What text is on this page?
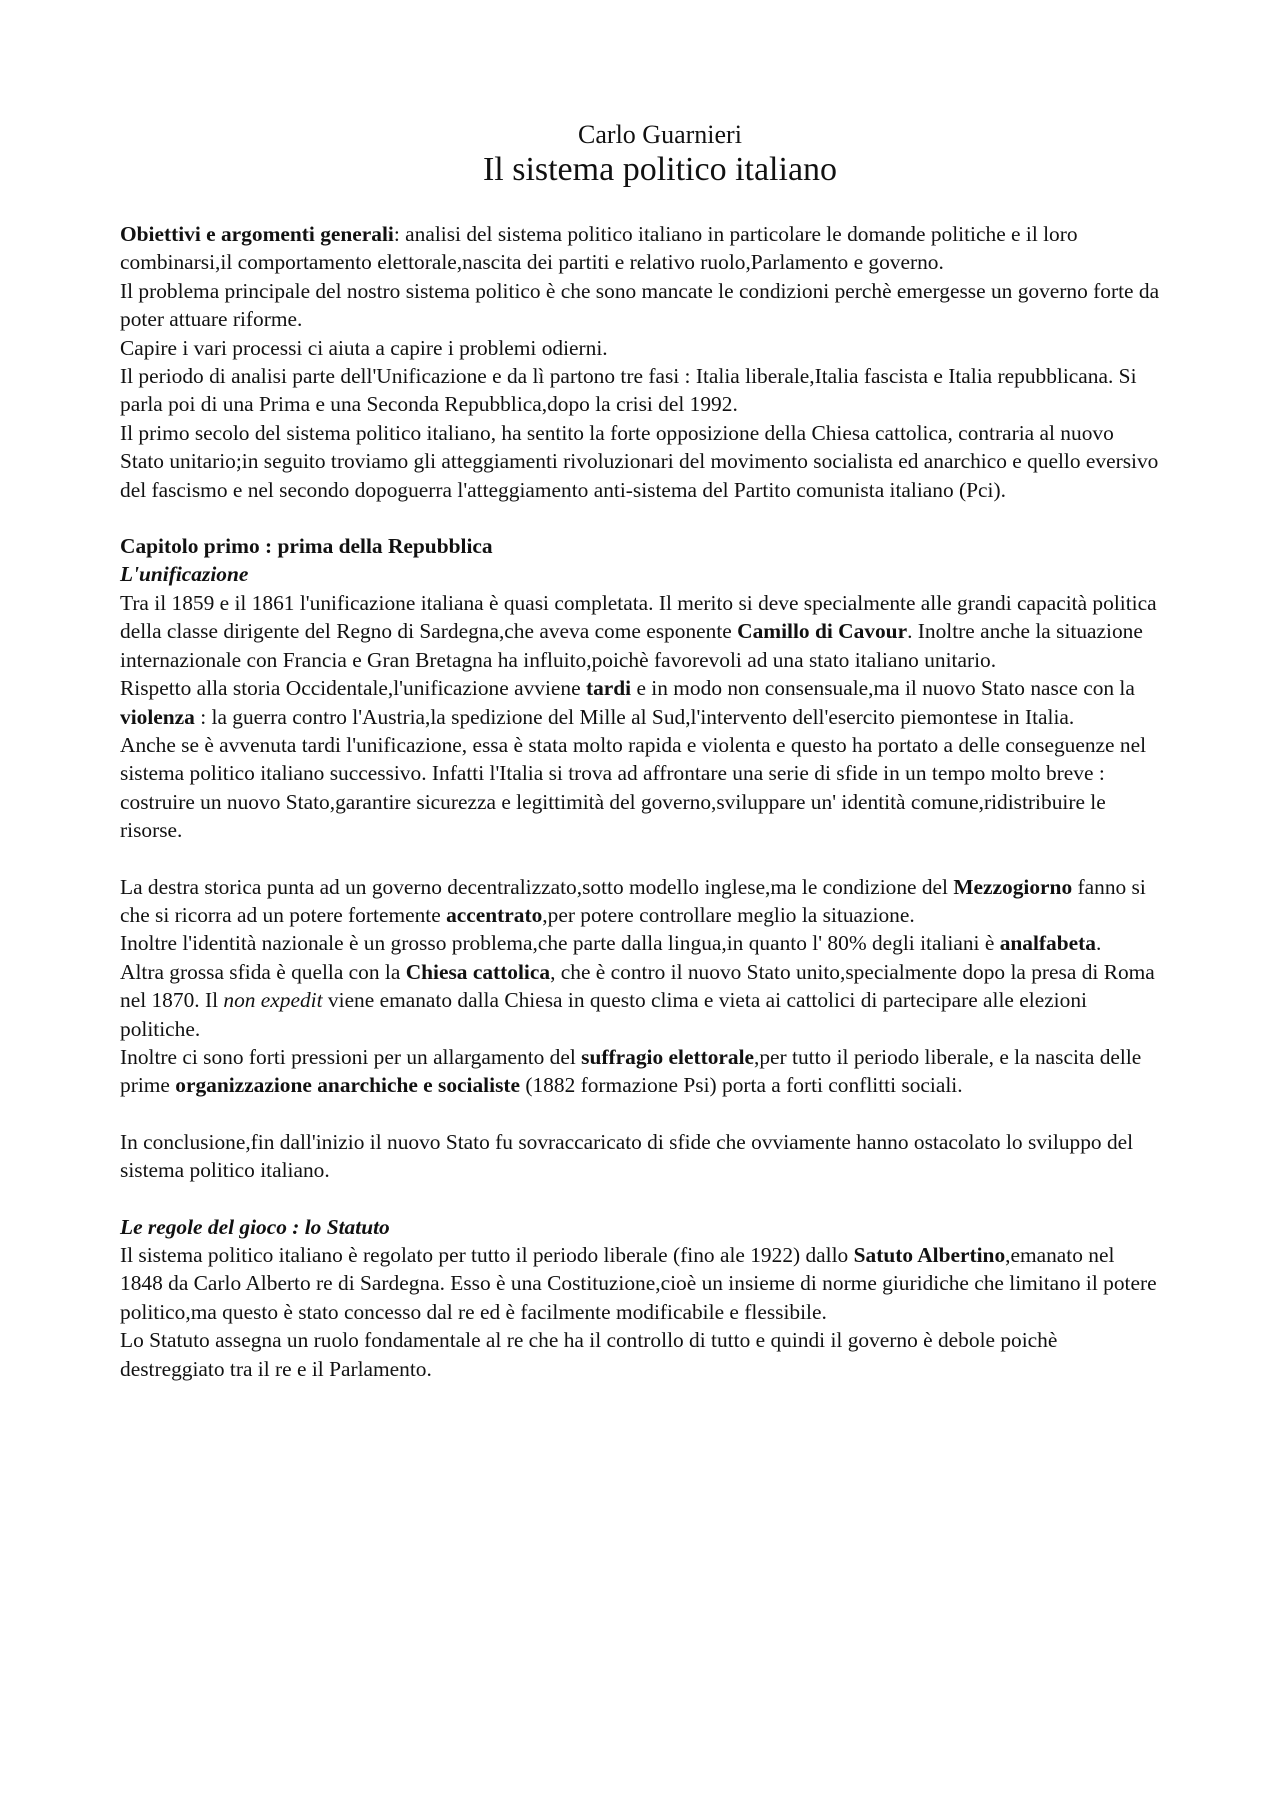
Carlo Guarnieri

Il sistema politico italiano

Obiettivi e argomenti generali: analisi del sistema politico italiano in particolare le domande politiche e il loro combinarsi,il comportamento elettorale,nascita dei partiti e relativo ruolo,Parlamento e governo.

Il problema principale del nostro sistema politico è che sono mancate le condizioni perchè emergesse un governo forte da poter attuare riforme.

Capire i vari processi ci aiuta a capire i problemi odierni.

Il periodo di analisi parte dell'Unificazione e da lì partono tre fasi : Italia liberale,Italia fascista e Italia repubblicana. Si parla poi di una Prima e una Seconda Repubblica,dopo la crisi del 1992.

Il primo secolo del sistema politico italiano, ha sentito la forte opposizione della Chiesa cattolica, contraria al nuovo Stato unitario;in seguito troviamo gli atteggiamenti rivoluzionari del movimento socialista ed anarchico e quello eversivo del fascismo e nel secondo dopoguerra l'atteggiamento anti-sistema del Partito comunista italiano (Pci).

Capitolo primo : prima della Repubblica

L'unificazione

Tra il 1859 e il 1861 l'unificazione italiana è quasi completata. Il merito si deve specialmente alle grandi capacità politica della classe dirigente del Regno di Sardegna,che aveva come esponente Camillo di Cavour. Inoltre anche la situazione internazionale con Francia e Gran Bretagna ha influito,poichè favorevoli ad una stato italiano unitario.

Rispetto alla storia Occidentale,l'unificazione avviene tardi e in modo non consensuale,ma il nuovo Stato nasce con la violenza : la guerra contro l'Austria,la spedizione del Mille al Sud,l'intervento dell'esercito piemontese in Italia.

Anche se è avvenuta tardi l'unificazione, essa è stata molto rapida e violenta e questo ha portato a delle conseguenze nel sistema politico italiano successivo. Infatti l'Italia si trova ad affrontare una serie di sfide in un tempo molto breve : costruire un nuovo Stato,garantire sicurezza e legittimità del governo,sviluppare un' identità comune,ridistribuire le risorse.

La destra storica punta ad un governo decentralizzato,sotto modello inglese,ma le condizione del Mezzogiorno fanno si che si ricorra ad un potere fortemente accentrato,per potere controllare meglio la situazione.

Inoltre l'identità nazionale è un grosso problema,che parte dalla lingua,in quanto l' 80% degli italiani è analfabeta.

Altra grossa sfida è quella con la Chiesa cattolica, che è contro il nuovo Stato unito,specialmente dopo la presa di Roma nel 1870. Il non expedit viene emanato dalla Chiesa in questo clima e vieta ai cattolici di partecipare alle elezioni politiche.

Inoltre ci sono forti pressioni per un allargamento del suffragio elettorale,per tutto il periodo liberale, e la nascita delle prime organizzazione anarchiche e socialiste (1882 formazione Psi) porta a forti conflitti sociali.

In conclusione,fin dall'inizio il nuovo Stato fu sovraccaricato di sfide che ovviamente hanno ostacolato lo sviluppo del sistema politico italiano.

Le regole del gioco : lo Statuto

Il sistema politico italiano è regolato per tutto il periodo liberale (fino ale 1922) dallo Satuto Albertino,emanato nel 1848 da Carlo Alberto re di Sardegna. Esso è una Costituzione,cioè un insieme di norme giuridiche che limitano il potere politico,ma questo è stato concesso dal re ed è facilmente modificabile e flessibile.

Lo Statuto assegna un ruolo fondamentale al re che ha il controllo di tutto e quindi il governo è debole poichè destreggiato tra il re e il Parlamento.
